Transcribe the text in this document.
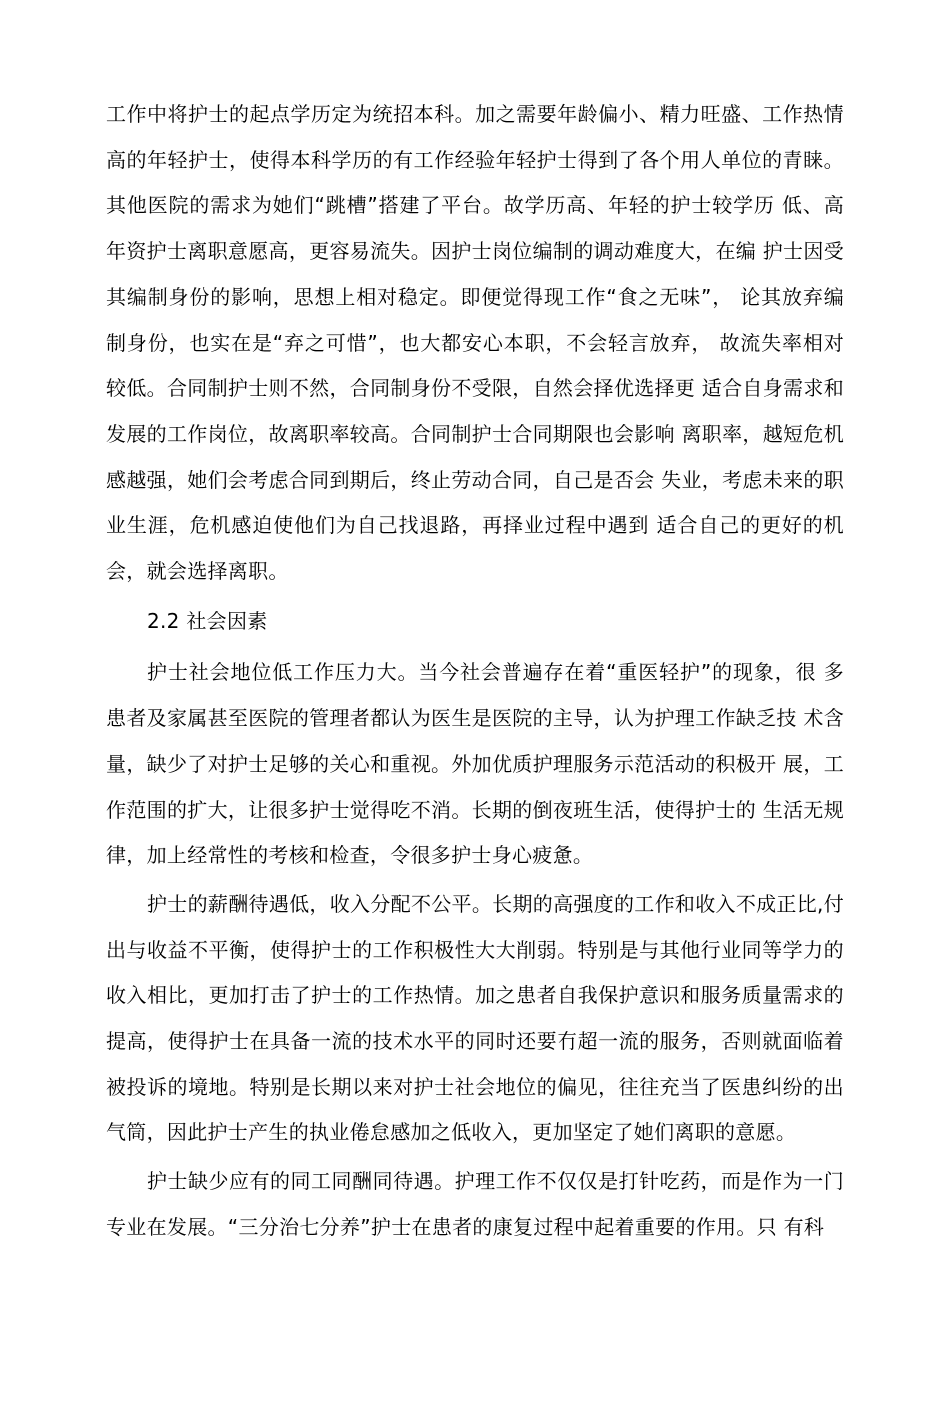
工作中将护士的起点学历定为统招本科。加之需要年龄偏小、精力旺盛、工作热情高的年轻护士，使得本科学历的有工作经验年轻护士得到了各个用人单位的青睐。其他医院的需求为她们“跳槽”搭建了平台。故学历高、年轻的护士较学历 低、高年资护士离职意愿高，更容易流失。因护士岗位编制的调动难度大，在编 护士因受其编制身份的影响，思想上相对稳定。即便觉得现工作“食之无味”， 论其放弃编制身份，也实在是“弃之可惜”，也大都安心本职，不会轻言放弃， 故流失率相对较低。合同制护士则不然，合同制身份不受限，自然会择优选择更 适合自身需求和发展的工作岗位，故离职率较高。合同制护士合同期限也会影响 离职率，越短危机感越强，她们会考虑合同到期后，终止劳动合同，自己是否会 失业，考虑未来的职业生涯，危机感迫使他们为自己找退路，再择业过程中遇到 适合自己的更好的机会，就会选择离职。

2.2 社会因素

护士社会地位低工作压力大。当今社会普遍存在着“重医轻护”的现象，很 多患者及家属甚至医院的管理者都认为医生是医院的主导，认为护理工作缺乏技 术含量，缺少了对护士足够的关心和重视。外加优质护理服务示范活动的积极开 展，工作范围的扩大，让很多护士觉得吃不消。长期的倒夜班生活，使得护士的 生活无规律，加上经常性的考核和检查，令很多护士身心疲惫。

护士的薪酬待遇低，收入分配不公平。长期的高强度的工作和收入不成正比,付出与收益不平衡，使得护士的工作积极性大大削弱。特别是与其他行业同等学力的收入相比，更加打击了护士的工作热情。加之患者自我保护意识和服务质量需求的提高，使得护士在具备一流的技术水平的同时还要冇超一流的服务，否则就面临着被投诉的境地。特别是长期以来对护士社会地位的偏见，往往充当了医患纠纷的出气筒，因此护士产生的执业倦怠感加之低收入，更加坚定了她们离职的意愿。

护士缺少应有的同工同酬同待遇。护理工作不仅仅是打针吃药，而是作为一门专业在发展。“三分治七分养”护士在患者的康复过程中起着重要的作用。只 有科
